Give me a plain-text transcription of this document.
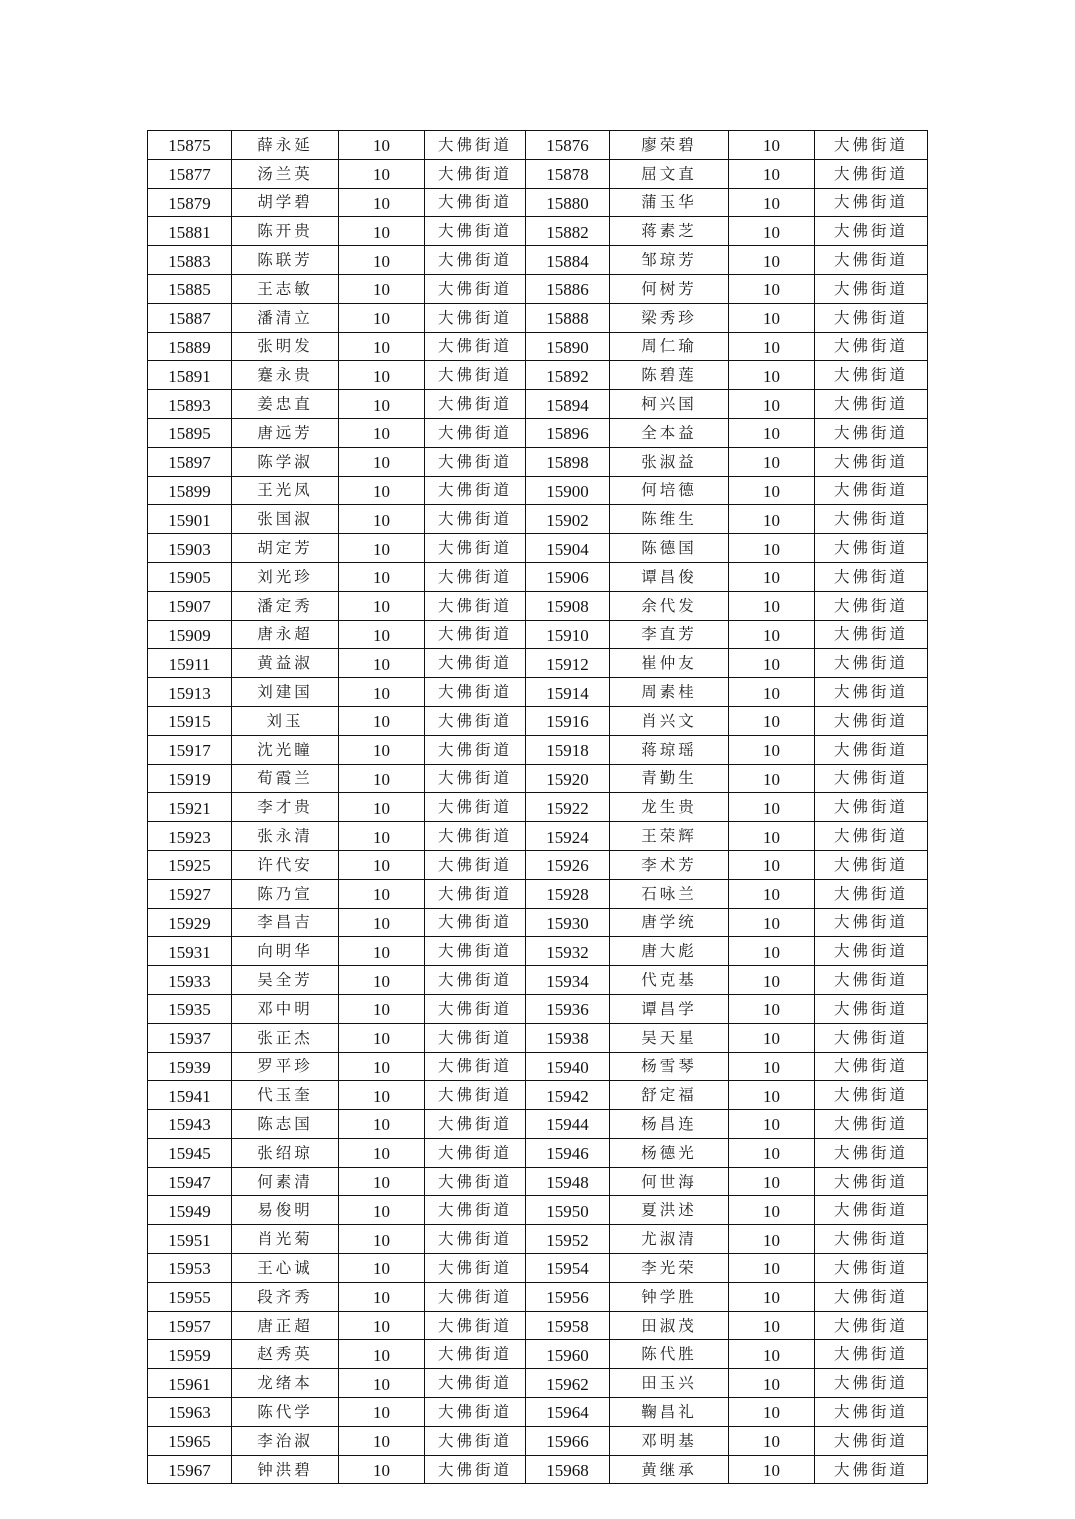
15875	薛永延	10	大佛街道	15876	廖荣碧	10	大佛街道
15877	汤兰英	10	大佛街道	15878	屈文直	10	大佛街道
15879	胡学碧	10	大佛街道	15880	蒲玉华	10	大佛街道
15881	陈开贵	10	大佛街道	15882	蒋素芝	10	大佛街道
15883	陈联芳	10	大佛街道	15884	邹琼芳	10	大佛街道
15885	王志敏	10	大佛街道	15886	何树芳	10	大佛街道
15887	潘清立	10	大佛街道	15888	梁秀珍	10	大佛街道
15889	张明发	10	大佛街道	15890	周仁瑜	10	大佛街道
15891	蹇永贵	10	大佛街道	15892	陈碧莲	10	大佛街道
15893	姜忠直	10	大佛街道	15894	柯兴国	10	大佛街道
15895	唐远芳	10	大佛街道	15896	全本益	10	大佛街道
15897	陈学淑	10	大佛街道	15898	张淑益	10	大佛街道
15899	王光凤	10	大佛街道	15900	何培德	10	大佛街道
15901	张国淑	10	大佛街道	15902	陈维生	10	大佛街道
15903	胡定芳	10	大佛街道	15904	陈德国	10	大佛街道
15905	刘光珍	10	大佛街道	15906	谭昌俊	10	大佛街道
15907	潘定秀	10	大佛街道	15908	余代发	10	大佛街道
15909	唐永超	10	大佛街道	15910	李直芳	10	大佛街道
15911	黄益淑	10	大佛街道	15912	崔仲友	10	大佛街道
15913	刘建国	10	大佛街道	15914	周素桂	10	大佛街道
15915	刘玉	10	大佛街道	15916	肖兴文	10	大佛街道
15917	沈光瞳	10	大佛街道	15918	蒋琼瑶	10	大佛街道
15919	荀霞兰	10	大佛街道	15920	青勤生	10	大佛街道
15921	李才贵	10	大佛街道	15922	龙生贵	10	大佛街道
15923	张永清	10	大佛街道	15924	王荣辉	10	大佛街道
15925	许代安	10	大佛街道	15926	李术芳	10	大佛街道
15927	陈乃宣	10	大佛街道	15928	石咏兰	10	大佛街道
15929	李昌吉	10	大佛街道	15930	唐学统	10	大佛街道
15931	向明华	10	大佛街道	15932	唐大彪	10	大佛街道
15933	吴全芳	10	大佛街道	15934	代克基	10	大佛街道
15935	邓中明	10	大佛街道	15936	谭昌学	10	大佛街道
15937	张正杰	10	大佛街道	15938	吴天星	10	大佛街道
15939	罗平珍	10	大佛街道	15940	杨雪琴	10	大佛街道
15941	代玉奎	10	大佛街道	15942	舒定福	10	大佛街道
15943	陈志国	10	大佛街道	15944	杨昌连	10	大佛街道
15945	张绍琼	10	大佛街道	15946	杨德光	10	大佛街道
15947	何素清	10	大佛街道	15948	何世海	10	大佛街道
15949	易俊明	10	大佛街道	15950	夏洪述	10	大佛街道
15951	肖光菊	10	大佛街道	15952	尤淑清	10	大佛街道
15953	王心诚	10	大佛街道	15954	李光荣	10	大佛街道
15955	段齐秀	10	大佛街道	15956	钟学胜	10	大佛街道
15957	唐正超	10	大佛街道	15958	田淑茂	10	大佛街道
15959	赵秀英	10	大佛街道	15960	陈代胜	10	大佛街道
15961	龙绪本	10	大佛街道	15962	田玉兴	10	大佛街道
15963	陈代学	10	大佛街道	15964	鞠昌礼	10	大佛街道
15965	李治淑	10	大佛街道	15966	邓明基	10	大佛街道
15967	钟洪碧	10	大佛街道	15968	黄继承	10	大佛街道
